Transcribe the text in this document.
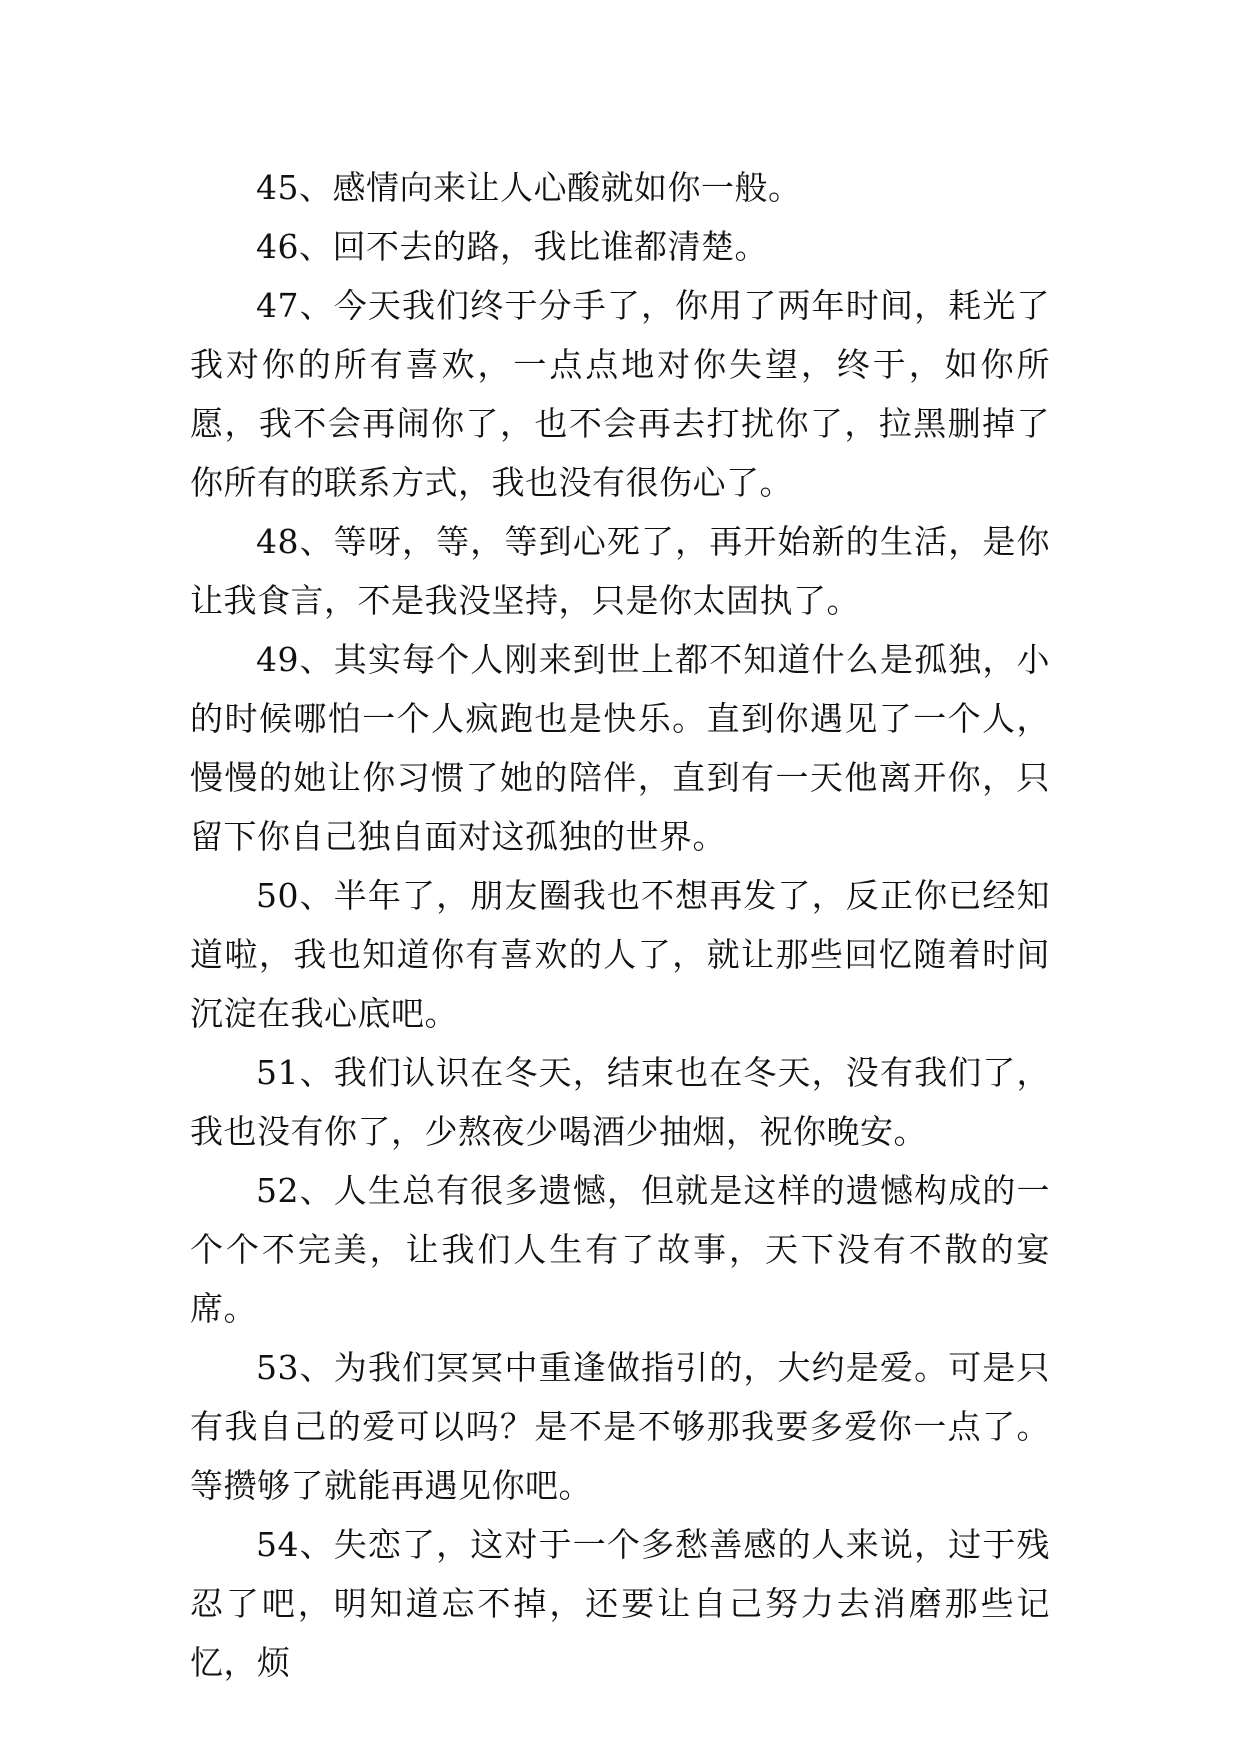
45、感情向来让人心酸就如你一般。

46、回不去的路，我比谁都清楚。

47、今天我们终于分手了，你用了两年时间，耗光了我对你的所有喜欢，一点点地对你失望，终于，如你所愿，我不会再闹你了，也不会再去打扰你了，拉黑删掉了你所有的联系方式，我也没有很伤心了。

48、等呀，等，等到心死了，再开始新的生活，是你让我食言，不是我没坚持，只是你太固执了。

49、其实每个人刚来到世上都不知道什么是孤独，小的时候哪怕一个人疯跑也是快乐。直到你遇见了一个人，慢慢的她让你习惯了她的陪伴，直到有一天他离开你，只留下你自己独自面对这孤独的世界。

50、半年了，朋友圈我也不想再发了，反正你已经知道啦，我也知道你有喜欢的人了，就让那些回忆随着时间沉淀在我心底吧。

51、我们认识在冬天，结束也在冬天，没有我们了，我也没有你了，少熬夜少喝酒少抽烟，祝你晚安。

52、人生总有很多遗憾，但就是这样的遗憾构成的一个个不完美，让我们人生有了故事，天下没有不散的宴席。

53、为我们冥冥中重逢做指引的，大约是爱。可是只有我自己的爱可以吗？是不是不够那我要多爱你一点了。等攒够了就能再遇见你吧。

54、失恋了，这对于一个多愁善感的人来说，过于残忍了吧，明知道忘不掉，还要让自己努力去消磨那些记忆，烦
